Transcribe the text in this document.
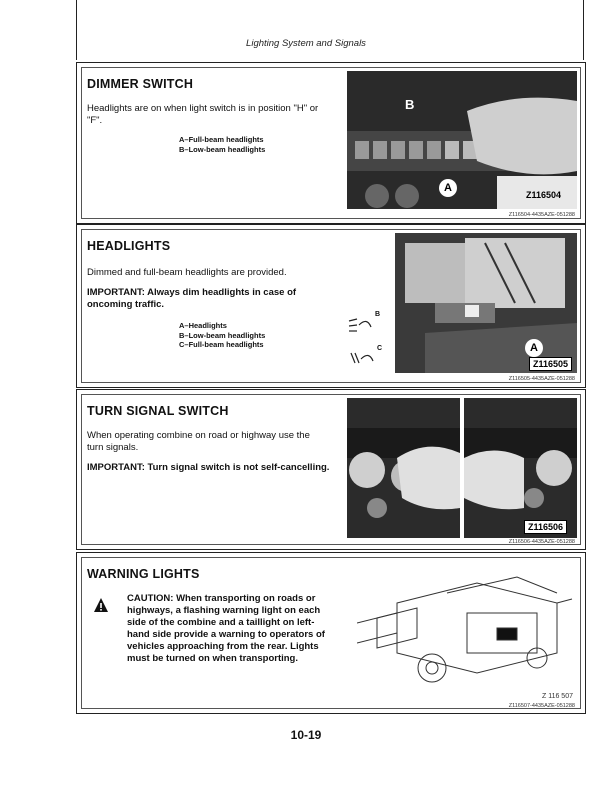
Lighting System and Signals
DIMMER SWITCH
Headlights are on when light switch is in position "H" or "F".
A–Full-beam headlights
B–Low-beam headlights
B
A
Z116504
Z116504-4435AZE-051288
HEADLIGHTS
Dimmed and full-beam headlights are provided.
IMPORTANT: Always dim headlights in case of oncoming traffic.
A–Headlights
B–Low-beam headlights
C–Full-beam headlights
B
C	A
Z116505
Z116505-4435AZE-051288
TURN SIGNAL SWITCH
When operating combine on road or highway use the turn signals.
IMPORTANT: Turn signal switch is not self-cancelling.
Z116506
Z116506-4435AZE-051288
WARNING LIGHTS
CAUTION: When transporting on roads or highways, a flashing warning light on each side of the combine and a taillight on left-hand side provide a warning to operators of vehicles approaching from the rear. Lights must be turned on when transporting.
Z 116 507
Z116507-4435AZE-051288
10-19
